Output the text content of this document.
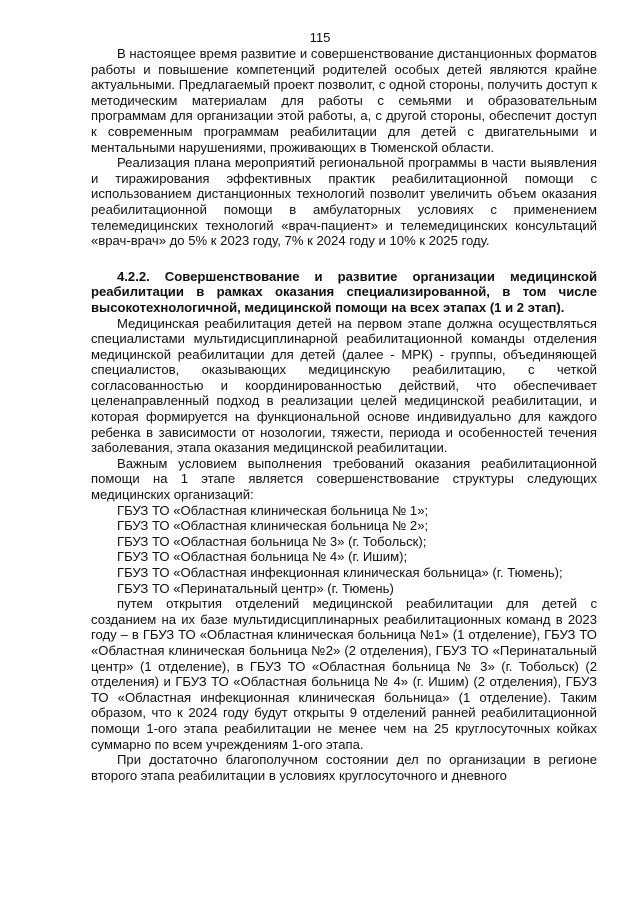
115

В настоящее время развитие и совершенствование дистанционных форматов работы и повышение компетенций родителей особых детей являются крайне актуальными. Предлагаемый проект позволит, с одной стороны, получить доступ к методическим материалам для работы с семьями и образовательным программам для организации этой работы, а, с другой стороны, обеспечит доступ к современным программам реабилитации для детей с двигательными и ментальными нарушениями, проживающих в Тюменской области.

Реализация плана мероприятий региональной программы в части выявления и тиражирования эффективных практик реабилитационной помощи с использованием дистанционных технологий позволит увеличить объем оказания реабилитационной помощи в амбулаторных условиях с применением телемедицинских технологий «врач-пациент» и телемедицинских консультаций «врач-врач» до 5% к 2023 году, 7% к 2024 году и 10% к 2025 году.

4.2.2. Совершенствование и развитие организации медицинской реабилитации в рамках оказания специализированной, в том числе высокотехнологичной, медицинской помощи на всех этапах (1 и 2 этап).

Медицинская реабилитация детей на первом этапе должна осуществляться специалистами мультидисциплинарной реабилитационной команды отделения медицинской реабилитации для детей (далее - МРК) - группы, объединяющей специалистов, оказывающих медицинскую реабилитацию, с четкой согласованностью и координированностью действий, что обеспечивает целенаправленный подход в реализации целей медицинской реабилитации, и которая формируется на функциональной основе индивидуально для каждого ребенка в зависимости от нозологии, тяжести, периода и особенностей течения заболевания, этапа оказания медицинской реабилитации.

Важным условием выполнения требований оказания реабилитационной помощи на 1 этапе является совершенствование структуры следующих медицинских организаций:

ГБУЗ ТО «Областная клиническая больница № 1»;

ГБУЗ ТО «Областная клиническая больница № 2»;

ГБУЗ ТО «Областная больница № 3» (г. Тобольск);

ГБУЗ ТО «Областная больница № 4» (г. Ишим);

ГБУЗ ТО «Областная инфекционная клиническая больница» (г. Тюмень);

ГБУЗ ТО «Перинатальный центр» (г. Тюмень)

путем открытия отделений медицинской реабилитации для детей с созданием на их базе мультидисциплинарных реабилитационных команд в 2023 году – в ГБУЗ ТО «Областная клиническая больница №1» (1 отделение), ГБУЗ ТО «Областная клиническая больница №2» (2 отделения), ГБУЗ ТО «Перинатальный центр» (1 отделение), в ГБУЗ ТО «Областная больница № 3» (г. Тобольск) (2 отделения) и ГБУЗ ТО «Областная больница № 4» (г. Ишим) (2 отделения), ГБУЗ ТО «Областная инфекционная клиническая больница» (1 отделение). Таким образом, что к 2024 году будут открыты 9 отделений ранней реабилитационной помощи 1-ого этапа реабилитации не менее чем на 25 круглосуточных койках суммарно по всем учреждениям 1-ого этапа.

При достаточно благополучном состоянии дел по организации в регионе второго этапа реабилитации в условиях круглосуточного и дневного
